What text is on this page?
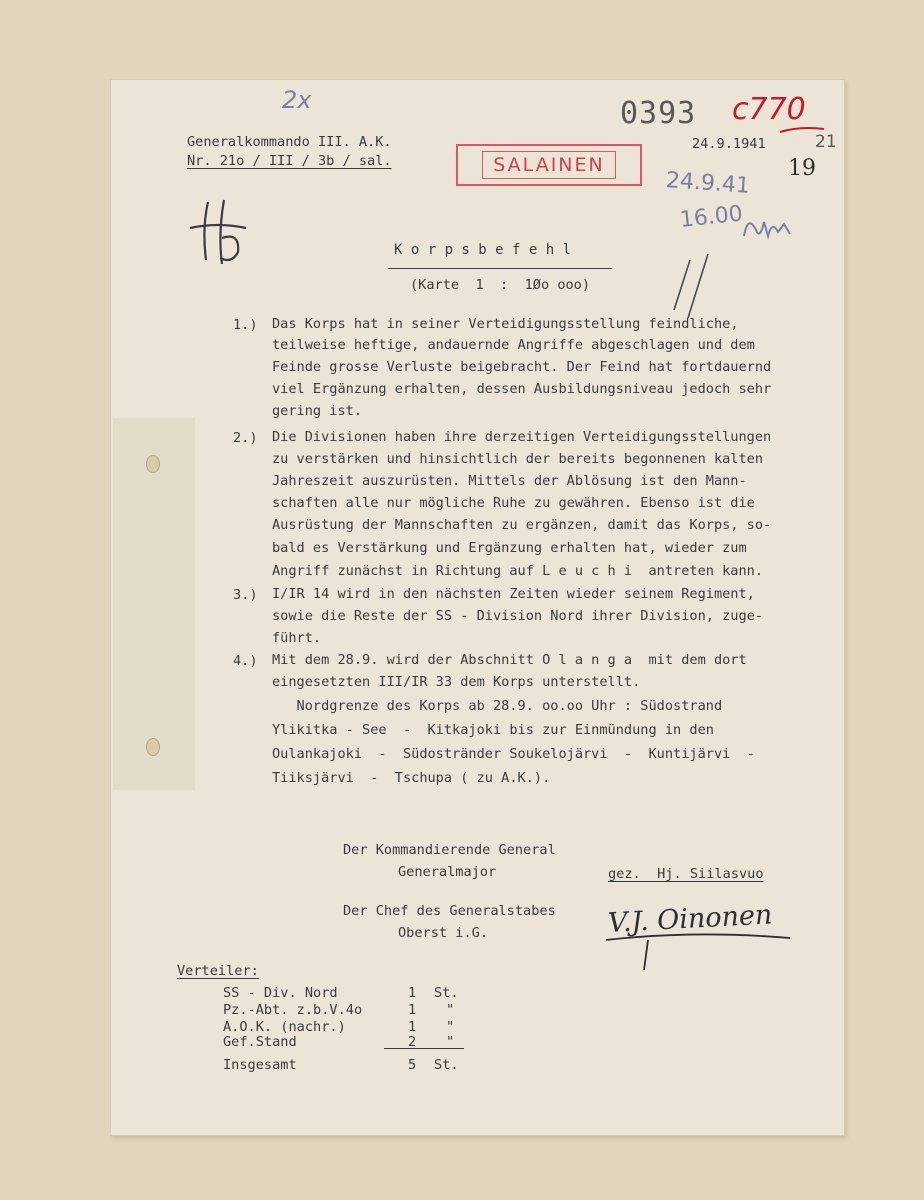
2x	0393 c770
21
19
SALAINEN
24.9.41
16.00
Generalkommando III. A.K.
Nr. 21o / III / 3b / sal.
24.9.1941
K o r p s b e f e h l
(Karte  1  :  1Øo ooo)
1.) Das Korps hat in seiner Verteidigungsstellung feindliche,
teilweise heftige, andauernde Angriffe abgeschlagen und dem
Feinde grosse Verluste beigebracht. Der Feind hat fortdauernd
viel Ergänzung erhalten, dessen Ausbildungsniveau jedoch sehr
gering ist.
2.) Die Divisionen haben ihre derzeitigen Verteidigungsstellungen
zu verstärken und hinsichtlich der bereits begonnenen kalten
Jahreszeit auszurüsten. Mittels der Ablösung ist den Mann-
schaften alle nur mögliche Ruhe zu gewähren. Ebenso ist die
Ausrüstung der Mannschaften zu ergänzen, damit das Korps, so-
bald es Verstärkung und Ergänzung erhalten hat, wieder zum
Angriff zunächst in Richtung auf L e u c h i  antreten kann.
3.) I/IR 14 wird in den nächsten Zeiten wieder seinem Regiment,
sowie die Reste der SS - Division Nord ihrer Division, zuge-
führt.
4.) Mit dem 28.9. wird der Abschnitt O l a n g a  mit dem dort
eingesetzten III/IR 33 dem Korps unterstellt.
Nordgrenze des Korps ab 28.9. oo.oo Uhr : Südostrand
Ylikitka - See  -  Kitkajoki bis zur Einmündung in den
Oulankajoki  -  Südostränder Soukelojärvi  -  Kuntijärvi  -
Tiiksjärvi  -  Tschupa ( zu A.K.).
Der Kommandierende General
Generalmajor	gez.  Hj. Siilasvuo
Der Chef des Generalstabes
Oberst i.G.	V.J. Oinonen
Verteiler:
SS - Div. Nord	1 St.
Pz.-Abt. z.b.V.4o	1 "
A.O.K. (nachr.)	1 "
Gef.Stand	2 "
Insgesamt	5 St.
